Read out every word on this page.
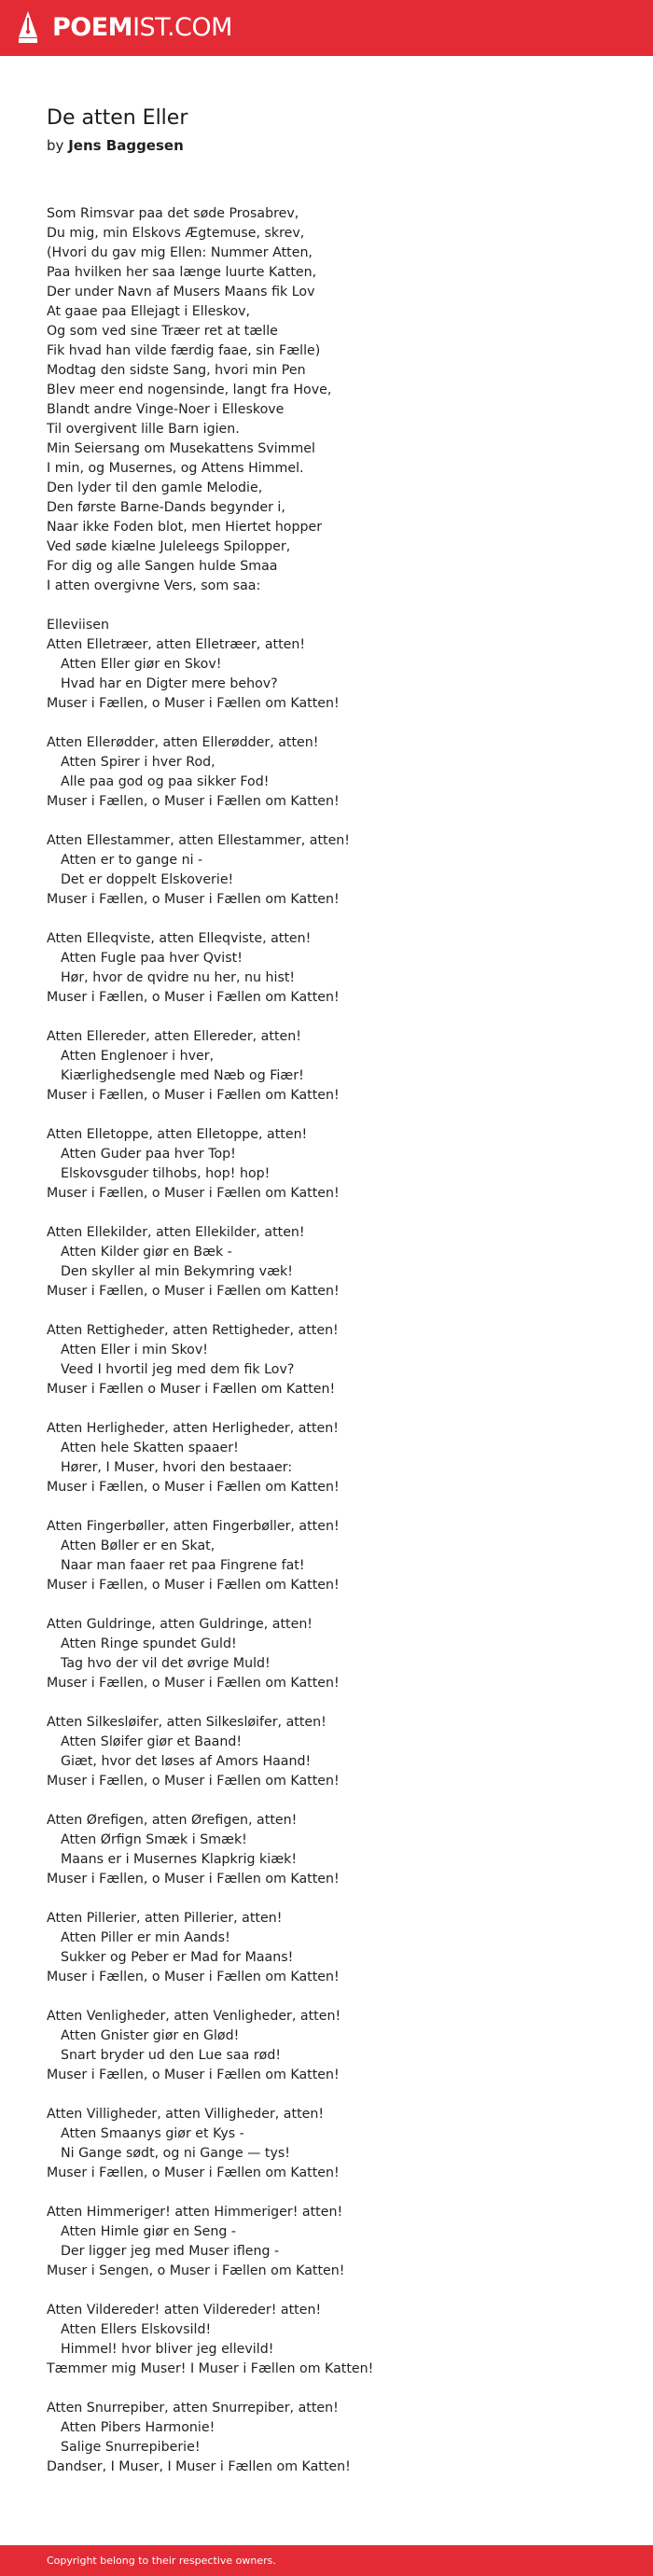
POEMIST.COM
De atten Eller
by Jens Baggesen
Som Rimsvar paa det søde Prosabrev,
Du mig, min Elskovs Ægtemuse, skrev,
(Hvori du gav mig Ellen: Nummer Atten,
Paa hvilken her saa længe luurte Katten,
Der under Navn af Musers Maans fik Lov
At gaae paa Ellejagt i Elleskov,
Og som ved sine Træer ret at tælle
Fik hvad han vilde færdig faae, sin Fælle)
Modtag den sidste Sang, hvori min Pen
Blev meer end nogensinde, langt fra Hove,
Blandt andre Vinge-Noer i Elleskove
Til overgivent lille Barn igien.
Min Seiersang om Musekattens Svimmel
I min, og Musernes, og Attens Himmel.
Den lyder til den gamle Melodie,
Den første Barne-Dands begynder i,
Naar ikke Foden blot, men Hiertet hopper
Ved søde kiælne Juleleegs Spilopper,
For dig og alle Sangen hulde Smaa
I atten overgivne Vers, som saa:
Elleviisen
Atten Elletræer, atten Elletræer, atten!
Atten Eller giør en Skov!
Hvad har en Digter mere behov?
Muser i Fællen, o Muser i Fællen om Katten!
Atten Ellerødder, atten Ellerødder, atten!
Atten Spirer i hver Rod,
Alle paa god og paa sikker Fod!
Muser i Fællen, o Muser i Fællen om Katten!
Atten Ellestammer, atten Ellestammer, atten!
Atten er to gange ni -
Det er doppelt Elskoverie!
Muser i Fællen, o Muser i Fællen om Katten!
Atten Elleqviste, atten Elleqviste, atten!
Atten Fugle paa hver Qvist!
Hør, hvor de qvidre nu her, nu hist!
Muser i Fællen, o Muser i Fællen om Katten!
Atten Ellereder, atten Ellereder, atten!
Atten Englenoer i hver,
Kiærlighedsengle med Næb og Fiær!
Muser i Fællen, o Muser i Fællen om Katten!
Atten Elletoppe, atten Elletoppe, atten!
Atten Guder paa hver Top!
Elskovsguder tilhobs, hop! hop!
Muser i Fællen, o Muser i Fællen om Katten!
Atten Ellekilder, atten Ellekilder, atten!
Atten Kilder giør en Bæk -
Den skyller al min Bekymring væk!
Muser i Fællen, o Muser i Fællen om Katten!
Atten Rettigheder, atten Rettigheder, atten!
Atten Eller i min Skov!
Veed I hvortil jeg med dem fik Lov?
Muser i Fællen o Muser i Fællen om Katten!
Atten Herligheder, atten Herligheder, atten!
Atten hele Skatten spaaer!
Hører, I Muser, hvori den bestaaer:
Muser i Fællen, o Muser i Fællen om Katten!
Atten Fingerbøller, atten Fingerbøller, atten!
Atten Bøller er en Skat,
Naar man faaer ret paa Fingrene fat!
Muser i Fællen, o Muser i Fællen om Katten!
Atten Guldringe, atten Guldringe, atten!
Atten Ringe spundet Guld!
Tag hvo der vil det øvrige Muld!
Muser i Fællen, o Muser i Fællen om Katten!
Atten Silkesløifer, atten Silkesløifer, atten!
Atten Sløifer giør et Baand!
Giæt, hvor det løses af Amors Haand!
Muser i Fællen, o Muser i Fællen om Katten!
Atten Ørefigen, atten Ørefigen, atten!
Atten Ørfign Smæk i Smæk!
Maans er i Musernes Klapkrig kiæk!
Muser i Fællen, o Muser i Fællen om Katten!
Atten Pillerier, atten Pillerier, atten!
Atten Piller er min Aands!
Sukker og Peber er Mad for Maans!
Muser i Fællen, o Muser i Fællen om Katten!
Atten Venligheder, atten Venligheder, atten!
Atten Gnister giør en Glød!
Snart bryder ud den Lue saa rød!
Muser i Fællen, o Muser i Fællen om Katten!
Atten Villigheder, atten Villigheder, atten!
Atten Smaanys giør et Kys -
Ni Gange sødt, og ni Gange — tys!
Muser i Fællen, o Muser i Fællen om Katten!
Atten Himmeriger! atten Himmeriger! atten!
Atten Himle giør en Seng -
Der ligger jeg med Muser ifleng -
Muser i Sengen, o Muser i Fællen om Katten!
Atten Vildereder! atten Vildereder! atten!
Atten Ellers Elskovsild!
Himmel! hvor bliver jeg ellevild!
Tæmmer mig Muser! I Muser i Fællen om Katten!
Atten Snurrepiber, atten Snurrepiber, atten!
Atten Pibers Harmonie!
Salige Snurrepiberie!
Dandser, I Muser, I Muser i Fællen om Katten!
Copyright belong to their respective owners.
